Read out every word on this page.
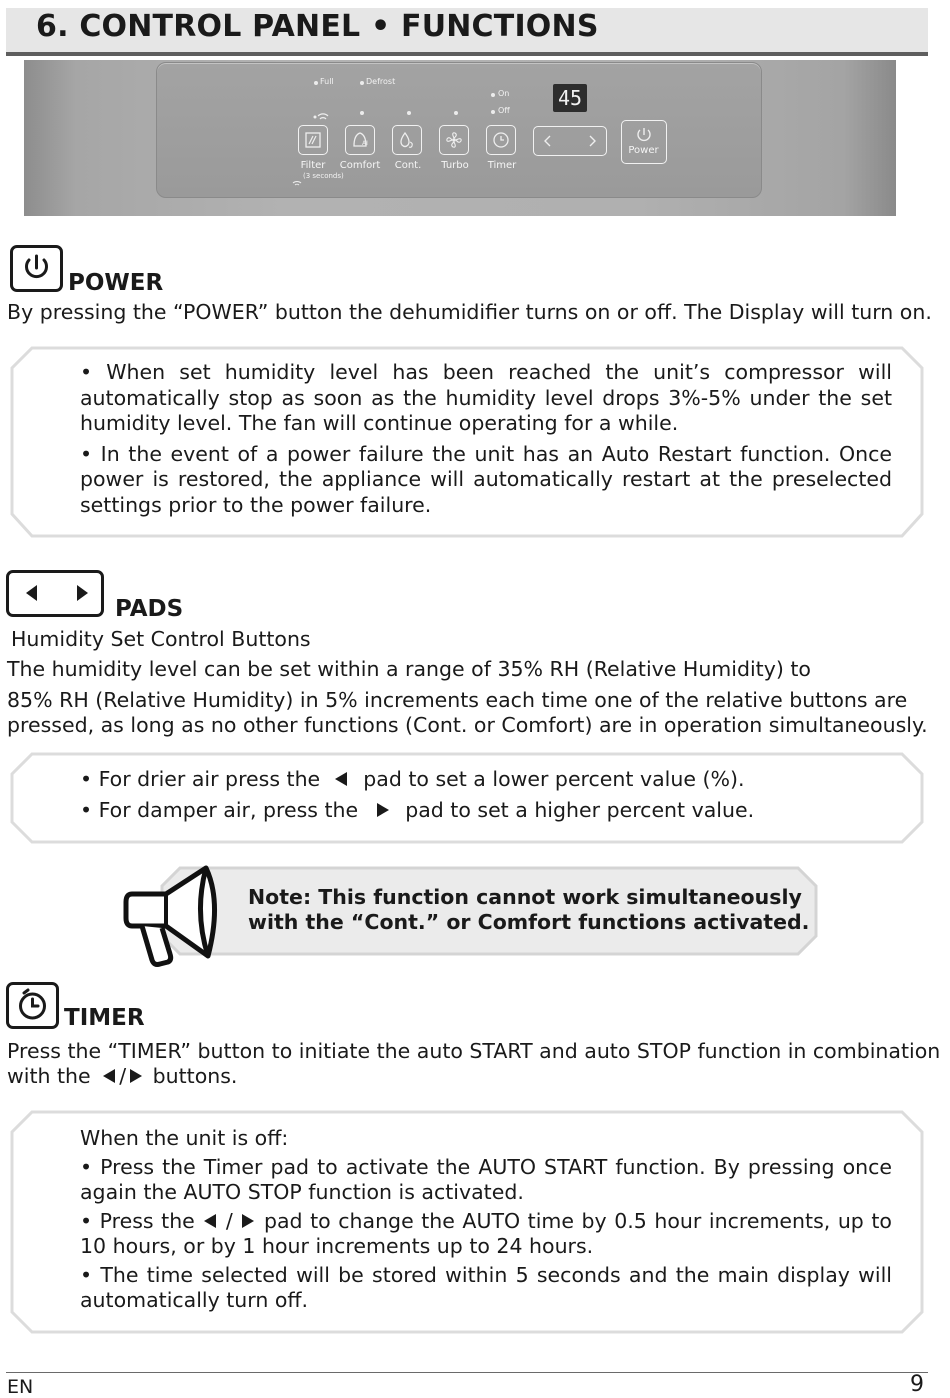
6. CONTROL PANEL • FUNCTIONS
Full	Defrost
On
Off
45
AI
Power
Filter	Comfort	Cont.	Turbo	Timer
(3 seconds)
POWER
By pressing the “POWER” button the dehumidifier turns on or off. The Display will turn on.

• When set humidity level has been reached the unit’s compressor will automatically stop as soon as the humidity level drops 3%-5% under the set humidity level. The fan will continue operating for a while.

• In the event of a power failure the unit has an Auto Restart function. Once power is restored, the appliance will automatically restart at the preselected settings prior to the power failure.

PADS
Humidity Set Control Buttons
The humidity level can be set within a range of 35% RH (Relative Humidity) to
85% RH (Relative Humidity) in 5% increments each time one of the relative buttons are
pressed, as long as no other functions (Cont. or Comfort) are in operation simultaneously.
• For drier air press the pad to set a lower percent value (%).
• For damper air, press the pad to set a higher percent value.
Note: This function cannot work simultaneously
with the “Cont.” or Comfort functions activated.
TIMER
Press the “TIMER” button to initiate the auto START and auto STOP function in combination
with the / buttons.
When the unit is off:
• Press the Timer pad to activate the AUTO START function. By pressing once again the AUTO STOP function is activated.
• Press the / pad to change the AUTO time by 0.5 hour increments, up to 10 hours, or by 1 hour increments up to 24 hours.
• The time selected will be stored within 5 seconds and the main display will automatically turn off.
EN	9
